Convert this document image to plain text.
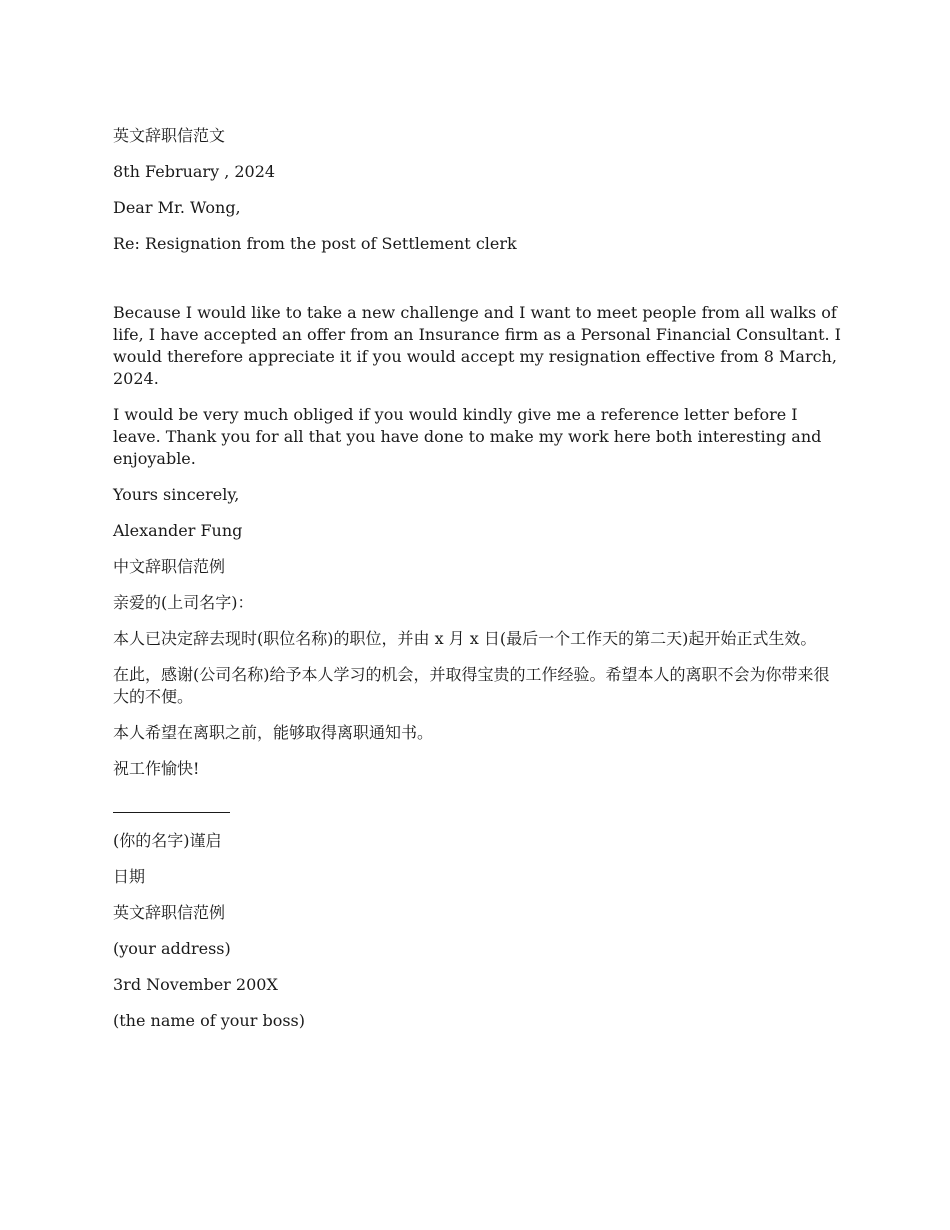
英文辞职信范文

8th February , 2024

Dear Mr. Wong,

Re: Resignation from the post of Settlement clerk

Because I would like to take a new challenge and I want to meet people from all walks of life, I have accepted an offer from an Insurance firm as a Personal Financial Consultant. I would therefore appreciate it if you would accept my resignation effective from 8 March, 2024.

I would be very much obliged if you would kindly give me a reference letter before I leave. Thank you for all that you have done to make my work here both interesting and enjoyable.

Yours sincerely,

Alexander Fung

中文辞职信范例

亲爱的(上司名字)：

本人已决定辞去现时(职位名称)的职位，并由 x 月 x 日(最后一个工作天的第二天)起开始正式生效。

在此，感谢(公司名称)给予本人学习的机会，并取得宝贵的工作经验。希望本人的离职不会为你带来很大的不便。

本人希望在离职之前，能够取得离职通知书。

祝工作愉快!

(你的名字)谨启

日期

英文辞职信范例

(your address)

3rd November 200X

(the name of your boss)
